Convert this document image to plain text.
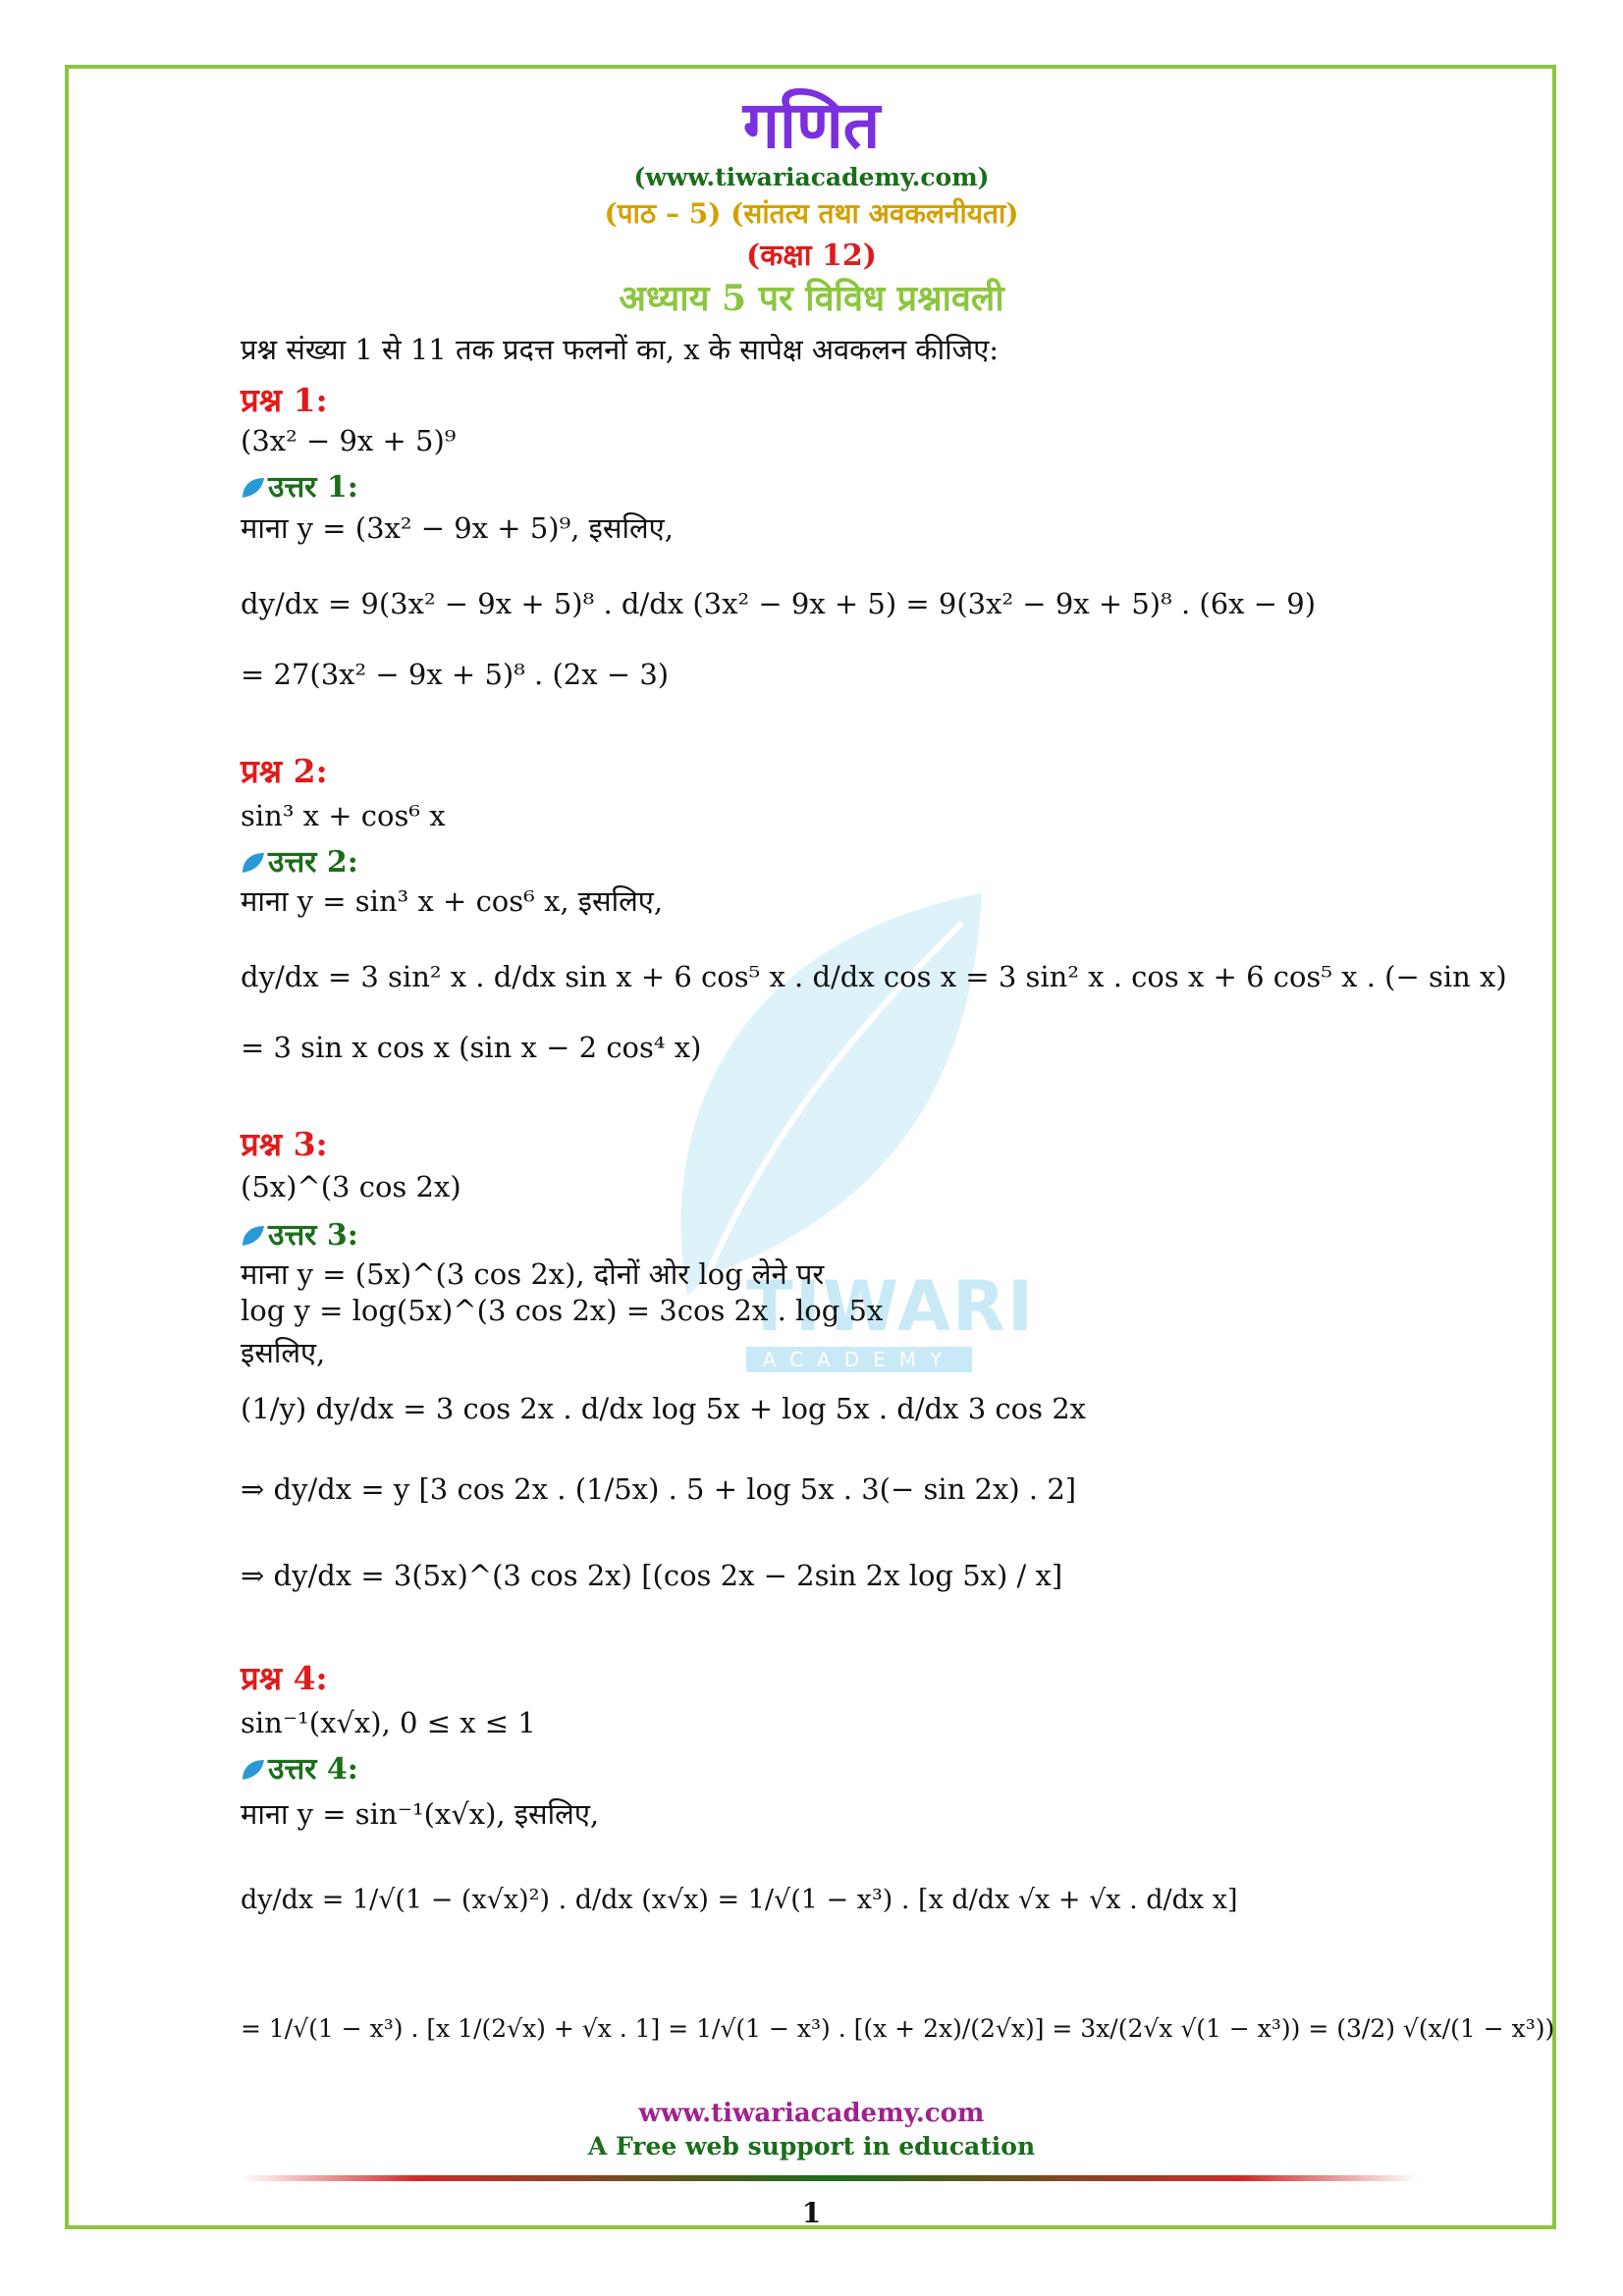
गणित
(www.tiwariacademy.com)
(पाठ – 5) (सांतत्य तथा अवकलनीयता)
(कक्षा 12)
अध्याय 5 पर विविध प्रश्नावली
TIWARI
ACADEMY
प्रश्न संख्या 1 से 11 तक प्रदत्त फलनों का, x के सापेक्ष अवकलन कीजिए:
प्रश्न 1:
(3x² − 9x + 5)⁹
उत्तर 1:
माना y = (3x² − 9x + 5)⁹, इसलिए,
dy/dx = 9(3x² − 9x + 5)⁸ . d/dx (3x² − 9x + 5) = 9(3x² − 9x + 5)⁸ . (6x − 9)
= 27(3x² − 9x + 5)⁸ . (2x − 3)
प्रश्न 2:
sin³ x + cos⁶ x
उत्तर 2:
माना y = sin³ x + cos⁶ x, इसलिए,
dy/dx = 3 sin² x . d/dx sin x + 6 cos⁵ x . d/dx cos x = 3 sin² x . cos x + 6 cos⁵ x . (− sin x)
= 3 sin x cos x (sin x − 2 cos⁴ x)
प्रश्न 3:
(5x)^(3 cos 2x)
उत्तर 3:
माना y = (5x)^(3 cos 2x), दोनों ओर log लेने पर
log y = log(5x)^(3 cos 2x) = 3cos 2x . log 5x
इसलिए,
(1/y) dy/dx = 3 cos 2x . d/dx log 5x + log 5x . d/dx 3 cos 2x
⇒ dy/dx = y [3 cos 2x . (1/5x) . 5 + log 5x . 3(− sin 2x) . 2]
⇒ dy/dx = 3(5x)^(3 cos 2x) [(cos 2x − 2sin 2x log 5x) / x]
प्रश्न 4:
sin⁻¹(x√x), 0 ≤ x ≤ 1
उत्तर 4:
माना y = sin⁻¹(x√x), इसलिए,
dy/dx = 1/√(1 − (x√x)²) . d/dx (x√x) = 1/√(1 − x³) . [x d/dx √x + √x . d/dx x]
= 1/√(1 − x³) . [x 1/(2√x) + √x . 1] = 1/√(1 − x³) . [(x + 2x)/(2√x)] = 3x/(2√x √(1 − x³)) = (3/2) √(x/(1 − x³))
www.tiwariacademy.com
A Free web support in education
1
